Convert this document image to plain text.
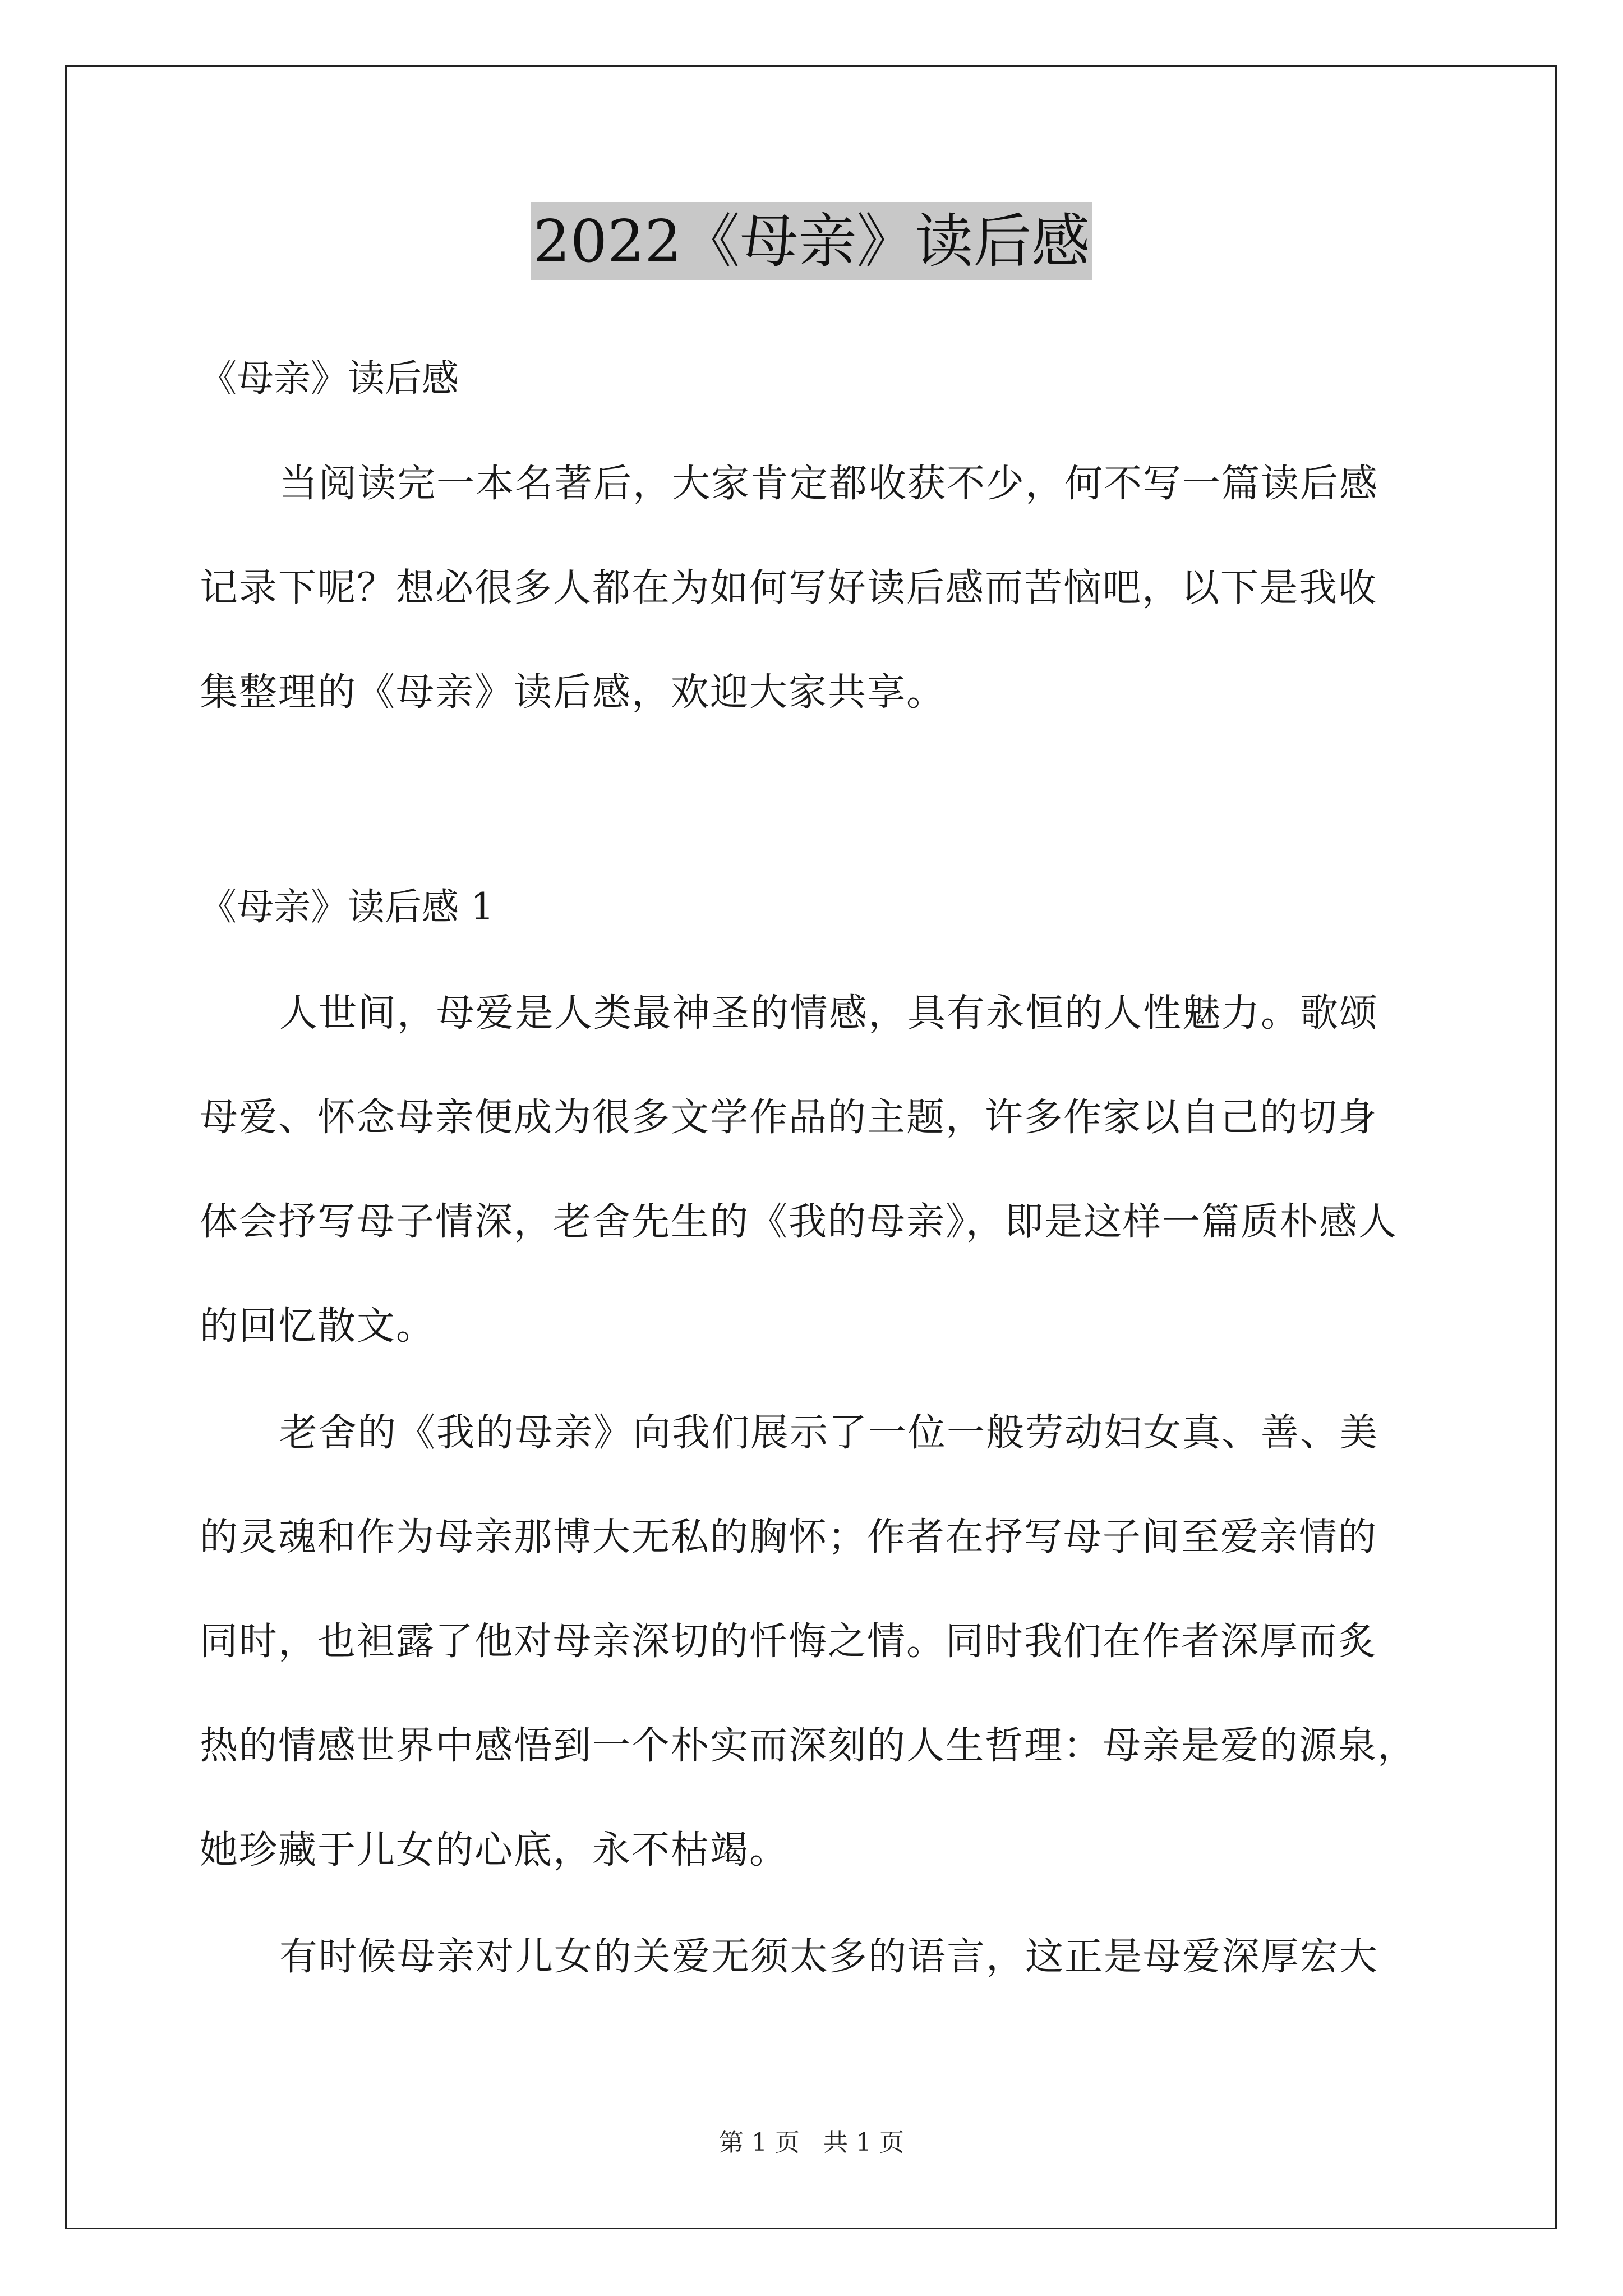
2022《母亲》读后感
《母亲》读后感
当阅读完一本名著后，大家肯定都收获不少，何不写一篇读后感
记录下呢？想必很多人都在为如何写好读后感而苦恼吧，以下是我收
集整理的《母亲》读后感，欢迎大家共享。
《母亲》读后感 1
人世间，母爱是人类最神圣的情感，具有永恒的人性魅力。歌颂
母爱、怀念母亲便成为很多文学作品的主题，许多作家以自己的切身
体会抒写母子情深，老舍先生的《我的母亲》，即是这样一篇质朴感人
的回忆散文。
老舍的《我的母亲》向我们展示了一位一般劳动妇女真、善、美
的灵魂和作为母亲那博大无私的胸怀；作者在抒写母子间至爱亲情的
同时，也袒露了他对母亲深切的忏悔之情。同时我们在作者深厚而炙
热的情感世界中感悟到一个朴实而深刻的人生哲理：母亲是爱的源泉，
她珍藏于儿女的心底，永不枯竭。
有时候母亲对儿女的关爱无须太多的语言，这正是母爱深厚宏大
第 1 页 共 1 页
